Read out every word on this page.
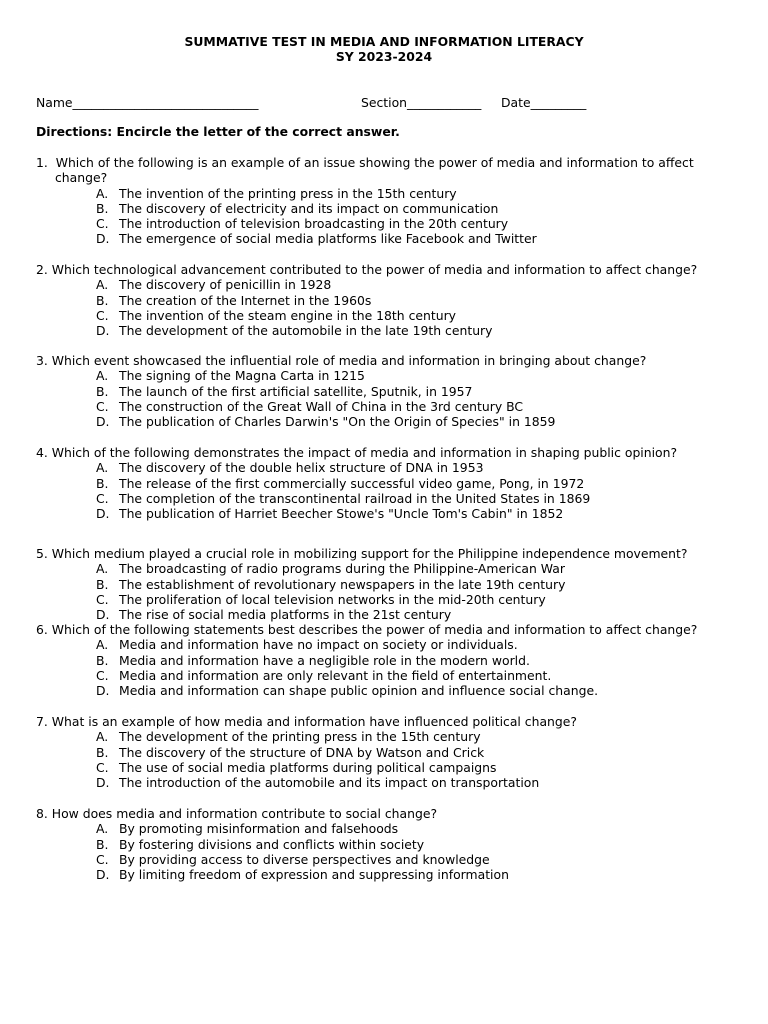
SUMMATIVE TEST IN MEDIA AND INFORMATION LITERACY
SY 2023-2024

Name______________________________

	Section____________

Date_________

Directions: Encircle the letter of the correct answer.
1.  Which of the following is an example of an issue showing the power of media and information to affect change?
A. The invention of the printing press in the 15th century
B. The discovery of electricity and its impact on communication
C. The introduction of television broadcasting in the 20th century
D. The emergence of social media platforms like Facebook and Twitter
2. Which technological advancement contributed to the power of media and information to affect change?
A. The discovery of penicillin in 1928
B. The creation of the Internet in the 1960s
C. The invention of the steam engine in the 18th century
D. The development of the automobile in the late 19th century
3. Which event showcased the influential role of media and information in bringing about change?
A. The signing of the Magna Carta in 1215
B. The launch of the first artificial satellite, Sputnik, in 1957
C. The construction of the Great Wall of China in the 3rd century BC
D. The publication of Charles Darwin's "On the Origin of Species" in 1859
4. Which of the following demonstrates the impact of media and information in shaping public opinion?
A. The discovery of the double helix structure of DNA in 1953
B. The release of the first commercially successful video game, Pong, in 1972
C. The completion of the transcontinental railroad in the United States in 1869
D. The publication of Harriet Beecher Stowe's "Uncle Tom's Cabin" in 1852
5. Which medium played a crucial role in mobilizing support for the Philippine independence movement?
A. The broadcasting of radio programs during the Philippine-American War
B. The establishment of revolutionary newspapers in the late 19th century
C. The proliferation of local television networks in the mid-20th century
D. The rise of social media platforms in the 21st century
6. Which of the following statements best describes the power of media and information to affect change?
A. Media and information have no impact on society or individuals.
B. Media and information have a negligible role in the modern world.
C. Media and information are only relevant in the field of entertainment.
D. Media and information can shape public opinion and influence social change.
7. What is an example of how media and information have influenced political change?
A. The development of the printing press in the 15th century
B. The discovery of the structure of DNA by Watson and Crick
C. The use of social media platforms during political campaigns
D. The introduction of the automobile and its impact on transportation
8. How does media and information contribute to social change?
A. By promoting misinformation and falsehoods
B. By fostering divisions and conflicts within society
C. By providing access to diverse perspectives and knowledge
D. By limiting freedom of expression and suppressing information
